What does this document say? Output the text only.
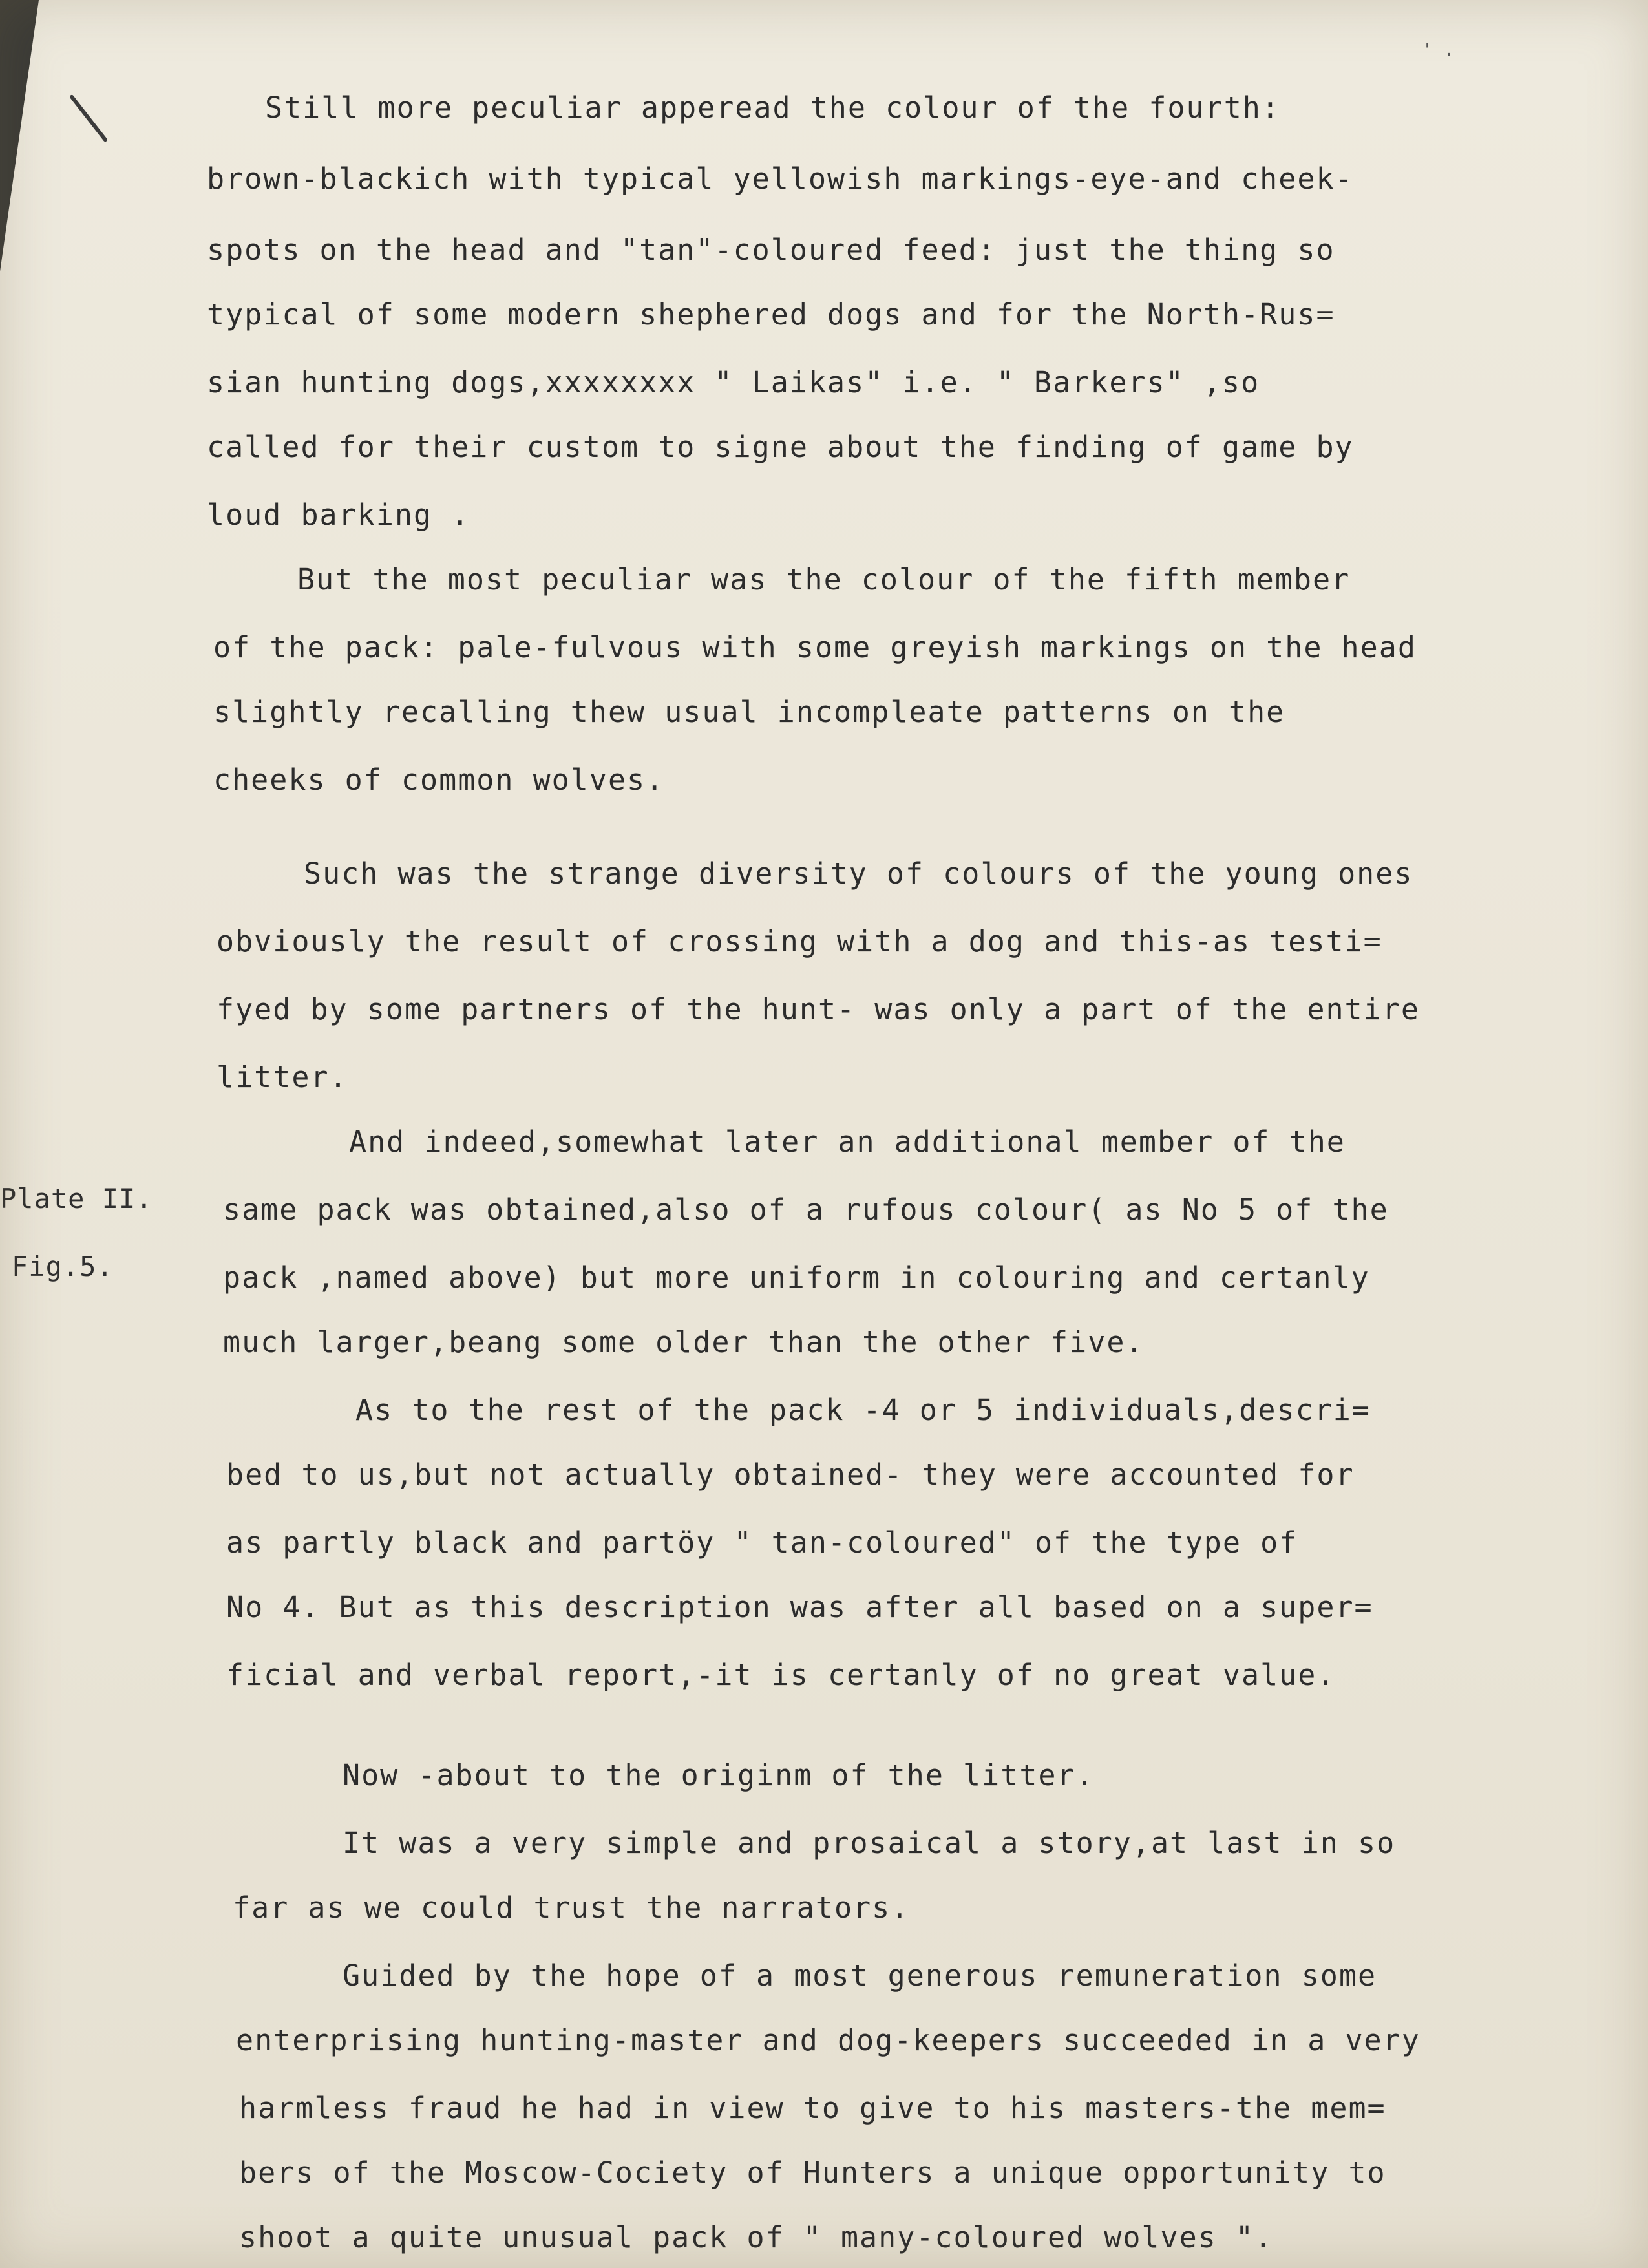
' .
Plate II.
Fig.5.
Still more peculiar apperead the colour of the fourth:
brown-blackich with typical yellowish markings-eye-and cheek-
spots on the head and "tan"-coloured feed: just the thing so
typical of some modern shephered dogs and for the North-Rus=
sian hunting dogs,xxxxxxxx " Laikas" i.e. " Barkers" ,so
called for their custom to signe about the finding of game by
loud barking .
But the most peculiar was the colour of the fifth member
of the pack: pale-fulvous with some greyish markings on the head
slightly recalling thew usual incompleate patterns on the
cheeks of common wolves.
Such was the strange diversity of colours of the young ones
obviously the result of crossing with a dog and this-as testi=
fyed by some partners of the hunt- was only a part of the entire
litter.
And indeed,somewhat later an additional member of the
same pack was obtained,also of a rufous colour( as No 5 of the
pack ,named above) but more uniform in colouring and certanly
much larger,beang some older than the other five.
As to the rest of the pack -4 or 5 individuals,descri=
bed to us,but not actually obtained- they were accounted for
as partly black and partöy " tan-coloured" of the type of
No 4. But as this description was after all based on a super=
ficial and verbal report,-it is certanly of no great value.
Now -about to the originm of the litter.
It was a very simple and prosaical a story,at last in so
far as we could trust the narrators.
Guided by the hope of a most generous remuneration some
enterprising hunting-master and dog-keepers succeeded in a very
harmless fraud he had in view to give to his masters-the mem=
bers of the Moscow-Cociety of Hunters a unique opportunity to
shoot a quite unusual pack of " many-coloured wolves ".
